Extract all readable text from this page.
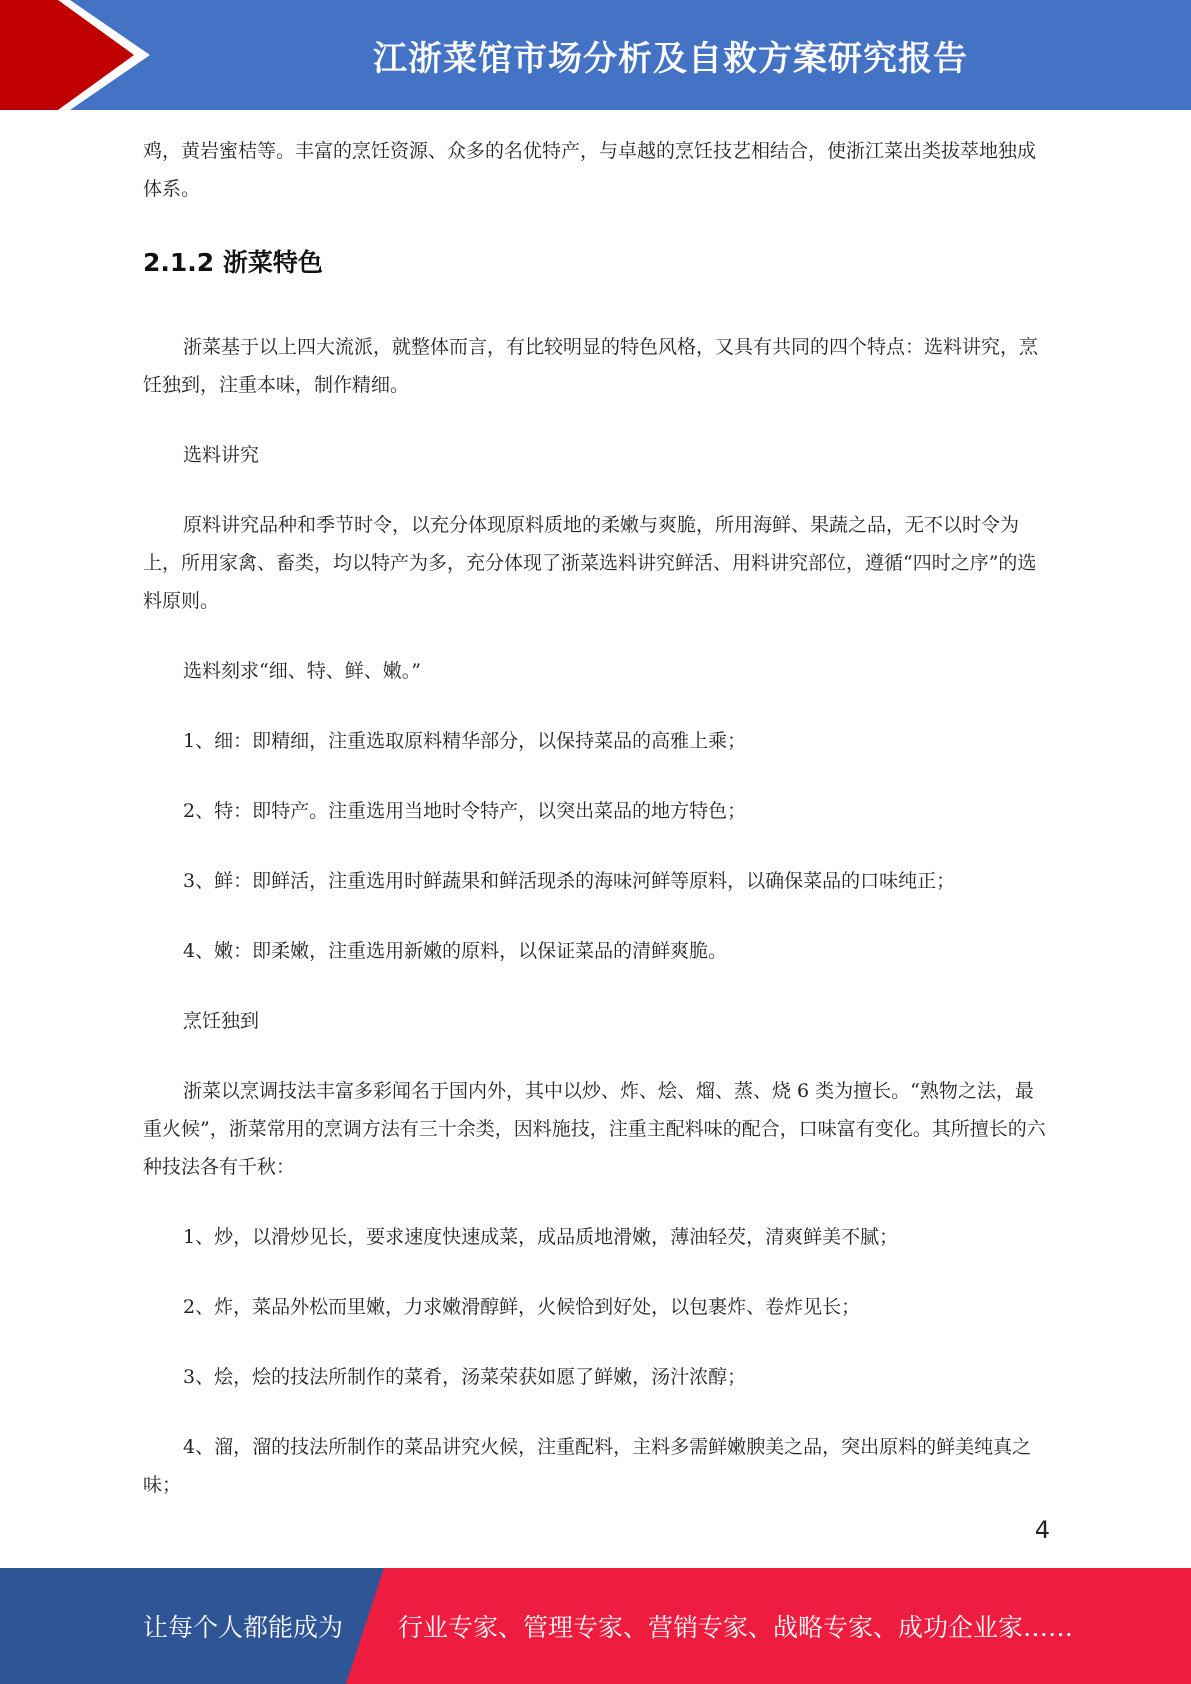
江浙菜馆市场分析及自救方案研究报告

鸡，黄岩蜜桔等。丰富的烹饪资源、众多的名优特产，与卓越的烹饪技艺相结合，使浙江菜出类拔萃地独成体系。

2.1.2 浙菜特色

浙菜基于以上四大流派，就整体而言，有比较明显的特色风格，又具有共同的四个特点：选料讲究，烹饪独到，注重本味，制作精细。

选料讲究

原料讲究品种和季节时令，以充分体现原料质地的柔嫩与爽脆，所用海鲜、果蔬之品，无不以时令为上，所用家禽、畜类，均以特产为多，充分体现了浙菜选料讲究鲜活、用料讲究部位，遵循“四时之序”的选料原则。

选料刻求“细、特、鲜、嫩。”

1、细：即精细，注重选取原料精华部分，以保持菜品的高雅上乘；

2、特：即特产。注重选用当地时令特产，以突出菜品的地方特色；

3、鲜：即鲜活，注重选用时鲜蔬果和鲜活现杀的海味河鲜等原料，以确保菜品的口味纯正；

4、嫩：即柔嫩，注重选用新嫩的原料，以保证菜品的清鲜爽脆。

烹饪独到

浙菜以烹调技法丰富多彩闻名于国内外，其中以炒、炸、烩、熘、蒸、烧 6 类为擅长。“熟物之法，最重火候”，浙菜常用的烹调方法有三十余类，因料施技，注重主配料味的配合，口味富有变化。其所擅长的六种技法各有千秋：

1、炒，以滑炒见长，要求速度快速成菜，成品质地滑嫩，薄油轻芡，清爽鲜美不腻；

2、炸，菜品外松而里嫩，力求嫩滑醇鲜，火候恰到好处，以包裹炸、卷炸见长；

3、烩，烩的技法所制作的菜肴，汤菜荣获如愿了鲜嫩，汤汁浓醇；

4、溜，溜的技法所制作的菜品讲究火候，注重配料，主料多需鲜嫩腴美之品，突出原料的鲜美纯真之味；

4
让每个人都能成为 行业专家、管理专家、营销专家、战略专家、成功企业家……
